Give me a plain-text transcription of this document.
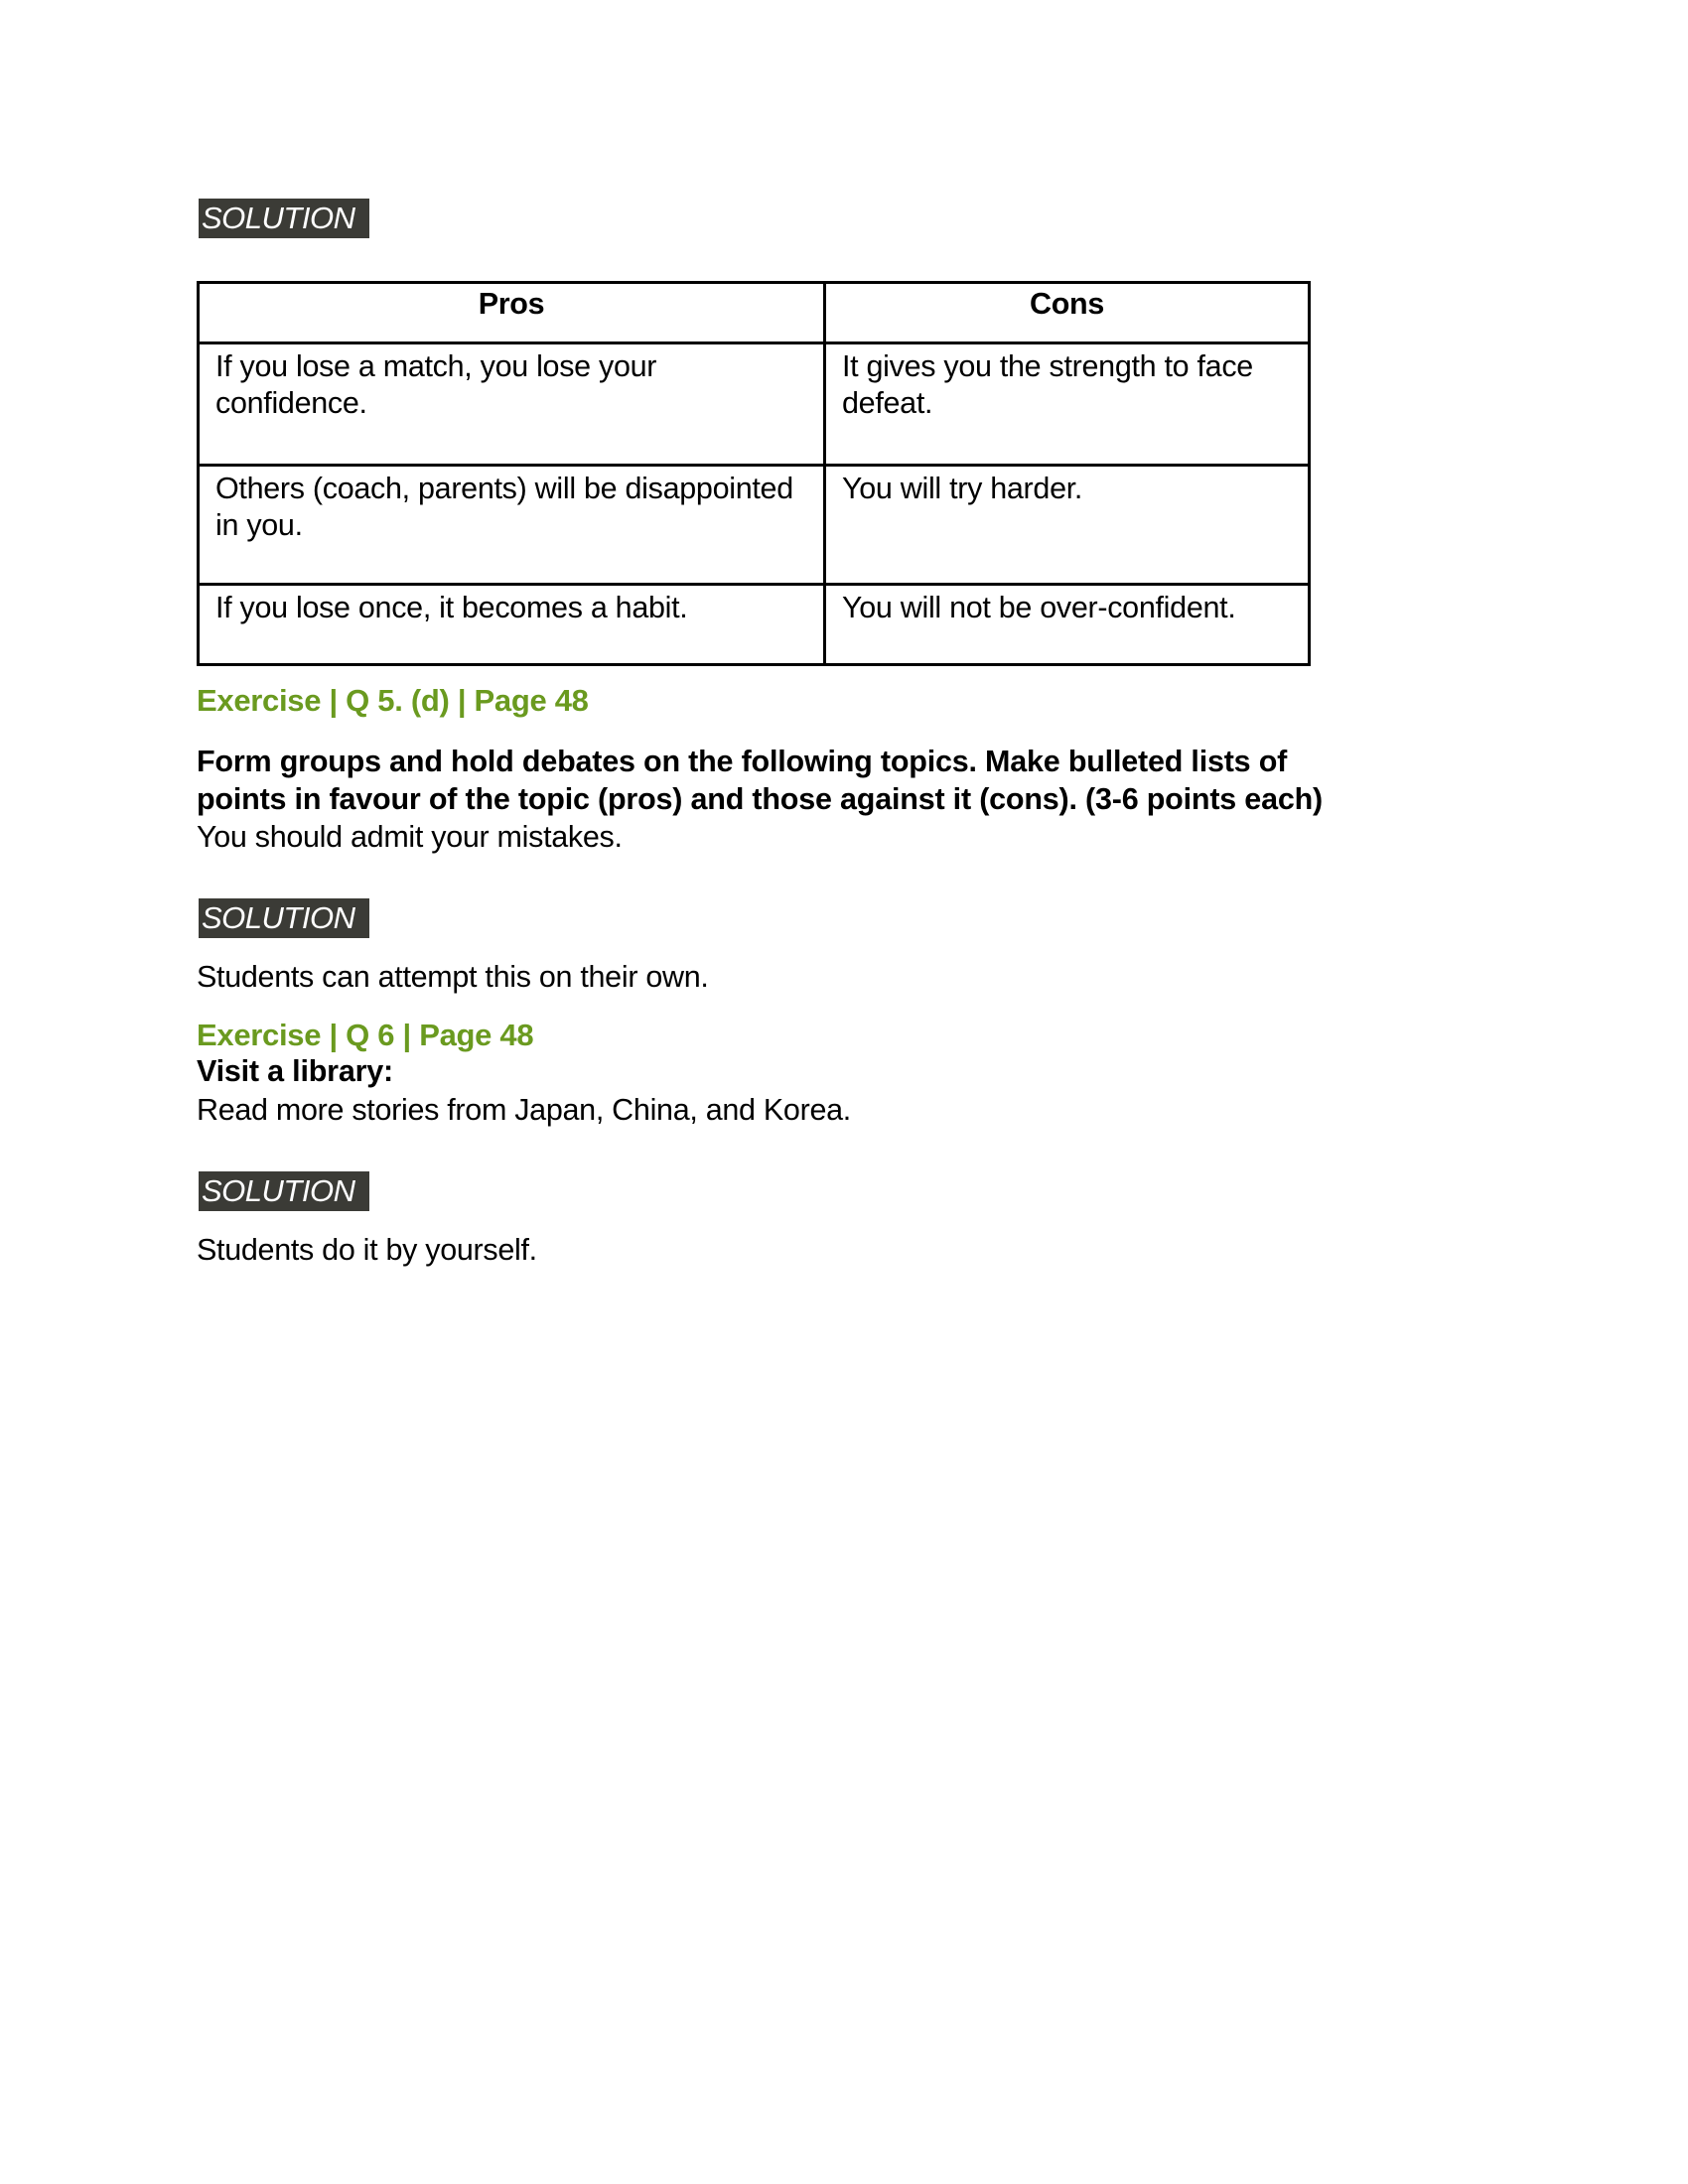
SOLUTION
Pros	Cons
If you lose a match, you lose your confidence.	It gives you the strength to face defeat.
Others (coach, parents) will be disappointed in you.	You will try harder.
If you lose once, it becomes a habit.	You will not be over-confident.
Exercise | Q 5. (d) | Page 48
Form groups and hold debates on the following topics. Make bulleted lists of
points in favour of the topic (pros) and those against it (cons). (3-6 points each)
You should admit your mistakes.
SOLUTION
Students can attempt this on their own.
Exercise | Q 6 | Page 48
Visit a library:
Read more stories from Japan, China, and Korea.
SOLUTION
Students do it by yourself.
